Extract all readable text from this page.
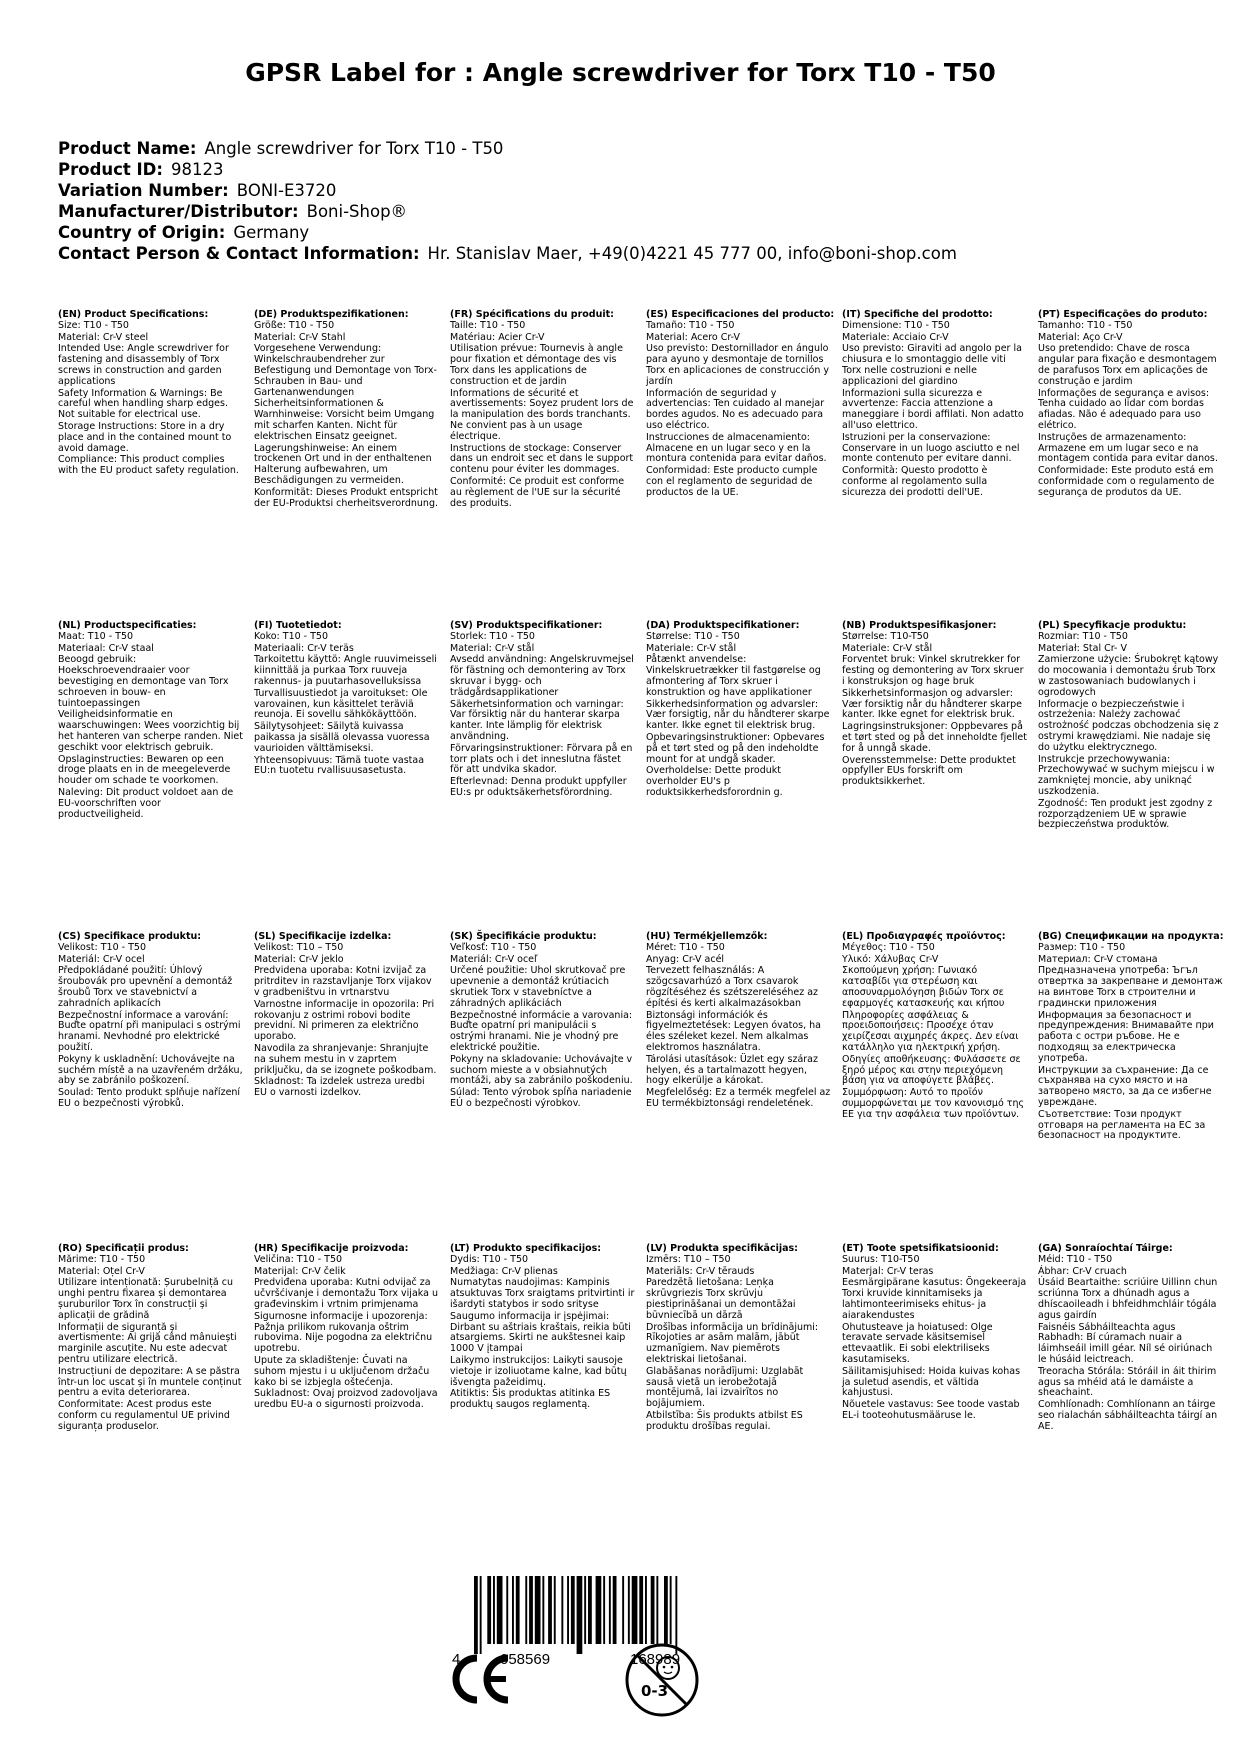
GPSR Label for : Angle screwdriver for Torx T10 - T50
Product Name: Angle screwdriver for Torx T10 - T50
Product ID: 98123
Variation Number: BONI-E3720
Manufacturer/Distributor: Boni-Shop®
Country of Origin: Germany
Contact Person & Contact Information: Hr. Stanislav Maer, +49(0)4221 45 777 00, info@boni-shop.com
(EN) Product Specifications:

Size: T10 - T50

Material: Cr-V steel

Intended Use: Angle screwdriver for fastening and disassembly of Torx screws in construction and garden applications

Safety Information & Warnings: Be careful when handling sharp edges. Not suitable for electrical use.

Storage Instructions: Store in a dry place and in the contained mount to avoid damage.

Compliance: This product complies with the EU product safety regulation.

(DE) Produktspezifikationen:

Größe: T10 - T50

Material: Cr-V Stahl

Vorgesehene Verwendung: Winkelschraubendreher zur Befestigung und Demontage von Torx-Schrauben in Bau- und Gartenanwendungen

Sicherheitsinformationen & Warnhinweise: Vorsicht beim Umgang mit scharfen Kanten. Nicht für elektrischen Einsatz geeignet.

Lagerungshinweise: An einem trockenen Ort und in der enthaltenen Halterung aufbewahren, um Beschädigungen zu vermeiden.

Konformität: Dieses Produkt entspricht der EU-Produktsi cherheitsverordnung.

(FR) Spécifications du produit:

Taille: T10 - T50

Matériau: Acier Cr-V

Utilisation prévue: Tournevis à angle pour fixation et démontage des vis Torx dans les applications de construction et de jardin

Informations de sécurité et avertissements: Soyez prudent lors de la manipulation des bords tranchants. Ne convient pas à un usage électrique.

Instructions de stockage: Conserver dans un endroit sec et dans le support contenu pour éviter les dommages.

Conformité: Ce produit est conforme au règlement de l'UE sur la sécurité des produits.

(ES) Especificaciones del producto:

Tamaño: T10 - T50

Material: Acero Cr-V

Uso previsto: Destornillador en ángulo para ayuno y desmontaje de tornillos Torx en aplicaciones de construcción y jardín

Información de seguridad y advertencias: Ten cuidado al manejar bordes agudos. No es adecuado para uso eléctrico.

Instrucciones de almacenamiento: Almacene en un lugar seco y en la montura contenida para evitar daños.

Conformidad: Este producto cumple con el reglamento de seguridad de productos de la UE.

(IT) Specifiche del prodotto:

Dimensione: T10 - T50

Materiale: Acciaio Cr-V

Uso previsto: Giraviti ad angolo per la chiusura e lo smontaggio delle viti Torx nelle costruzioni e nelle applicazioni del giardino

Informazioni sulla sicurezza e avvertenze: Faccia attenzione a maneggiare i bordi affilati. Non adatto all'uso elettrico.

Istruzioni per la conservazione: Conservare in un luogo asciutto e nel monte contenuto per evitare danni.

Conformità: Questo prodotto è conforme al regolamento sulla sicurezza dei prodotti dell'UE.

(PT) Especificações do produto:

Tamanho: T10 - T50

Material: Aço Cr-V

Uso pretendido: Chave de rosca angular para fixação e desmontagem de parafusos Torx em aplicações de construção e jardim

Informações de segurança e avisos: Tenha cuidado ao lidar com bordas afiadas. Não é adequado para uso elétrico.

Instruções de armazenamento: Armazene em um lugar seco e na montagem contida para evitar danos.

Conformidade: Este produto está em conformidade com o regulamento de segurança de produtos da UE.

(NL) Productspecificaties:

Maat: T10 - T50

Materiaal: Cr-V staal

Beoogd gebruik: Hoekschroevendraaier voor bevestiging en demontage van Torx schroeven in bouw- en tuintoepassingen

Veiligheidsinformatie en waarschuwingen: Wees voorzichtig bij het hanteren van scherpe randen. Niet geschikt voor elektrisch gebruik.

Opslaginstructies: Bewaren op een droge plaats en in de meegeleverde houder om schade te voorkomen.

Naleving: Dit product voldoet aan de EU-voorschriften voor productveiligheid.

(FI) Tuotetiedot:

Koko: T10 - T50

Materiaali: Cr-V teräs

Tarkoitettu käyttö: Angle ruuvimeisseli kiinnittää ja purkaa Torx ruuveja rakennus- ja puutarhasovelluksissa

Turvallisuustiedot ja varoitukset: Ole varovainen, kun käsittelet teräviä reunoja. Ei sovellu sähkökäyttöön.

Säilytysohjeet: Säilytä kuivassa paikassa ja sisällä olevassa vuoressa vaurioiden välttämiseksi.

Yhteensopivuus: Tämä tuote vastaa EU:n tuotetu rvallisuusasetusta.

(SV) Produktspecifikationer:

Storlek: T10 - T50

Material: Cr-V stål

Avsedd användning: Angelskruvmejsel för fästning och demontering av Torx skruvar i bygg- och trädgårdsapplikationer

Säkerhetsinformation och varningar: Var försiktig när du hanterar skarpa kanter. Inte lämplig för elektrisk användning.

Förvaringsinstruktioner: Förvara på en torr plats och i det inneslutna fästet för att undvika skador.

Efterlevnad: Denna produkt uppfyller EU:s pr oduktsäkerhetsförordning.

(DA) Produktspecifikationer:

Størrelse: T10 - T50

Materiale: Cr-V stål

Påtænkt anvendelse: Vinkelskruetrækker til fastgørelse og afmontering af Torx skruer i konstruktion og have applikationer

Sikkerhedsinformation og advarsler: Vær forsigtig, når du håndterer skarpe kanter. Ikke egnet til elektrisk brug.

Opbevaringsinstruktioner: Opbevares på et tørt sted og på den indeholdte mount for at undgå skader.

Overholdelse: Dette produkt overholder EU's p roduktsikkerhedsforordnin g.

(NB) Produktspesifikasjoner:

Størrelse: T10-T50

Materiale: Cr-V stål

Forventet bruk: Vinkel skrutrekker for festing og demontering av Torx skruer i konstruksjon og hage bruk

Sikkerhetsinformasjon og advarsler: Vær forsiktig når du håndterer skarpe kanter. Ikke egnet for elektrisk bruk.

Lagringsinstruksjoner: Oppbevares på et tørt sted og på det inneholdte fjellet for å unngå skade.

Overensstemmelse: Dette produktet oppfyller EUs forskrift om produktsikkerhet.

(PL) Specyfikacje produktu:

Rozmiar: T10 - T50

Materiał: Stal Cr- V

Zamierzone użycie: Śrubokręt kątowy do mocowania i demontażu śrub Torx w zastosowaniach budowlanych i ogrodowych

Informacje o bezpieczeństwie i ostrzeżenia: Należy zachować ostrożność podczas obchodzenia się z ostrymi krawędziami. Nie nadaje się do użytku elektrycznego.

Instrukcje przechowywania: Przechowywać w suchym miejscu i w zamkniętej moncie, aby uniknąć uszkodzenia.

Zgodność: Ten produkt jest zgodny z rozporządzeniem UE w sprawie bezpieczeństwa produktów.

(CS) Specifikace produktu:

Velikost: T10 - T50

Materiál: Cr-V ocel

Předpokládané použití: Úhlový šroubovák pro upevnění a demontáž šroubů Torx ve stavebnictví a zahradních aplikacích

Bezpečnostní informace a varování: Buďte opatrní při manipulaci s ostrými hranami. Nevhodné pro elektrické použití.

Pokyny k uskladnění: Uchovávejte na suchém místě a na uzavřeném držáku, aby se zabránilo poškození.

Soulad: Tento produkt splňuje nařízení EU o bezpečnosti výrobků.

(SL) Specifikacije izdelka:

Velikost: T10 – T50

Material: Cr-V jeklo

Predvidena uporaba: Kotni izvijač za pritrditev in razstavljanje Torx vijakov v gradbeništvu in vrtnarstvu

Varnostne informacije in opozorila: Pri rokovanju z ostrimi robovi bodite previdni. Ni primeren za električno uporabo.

Navodila za shranjevanje: Shranjujte na suhem mestu in v zaprtem priključku, da se izognete poškodbam.

Skladnost: Ta izdelek ustreza uredbi EU o varnosti izdelkov.

(SK) Špecifikácie produktu:

Veľkosť: T10 - T50

Materiál: Cr-V oceľ

Určené použitie: Uhol skrutkovač pre upevnenie a demontáž krútiacich skrutiek Torx v stavebníctve a záhradných aplikáciách

Bezpečnostné informácie a varovania: Buďte opatrní pri manipulácii s ostrými hranami. Nie je vhodný pre elektrické použitie.

Pokyny na skladovanie: Uchovávajte v suchom mieste a v obsiahnutých montáži, aby sa zabránilo poškodeniu.

Súlad: Tento výrobok spĺňa nariadenie EÚ o bezpečnosti výrobkov.

(HU) Termékjellemzők:

Méret: T10 - T50

Anyag: Cr-V acél

Tervezett felhasználás: A szögcsavarhúzó a Torx csavarok rögzítéséhez és szétszereléséhez az építési és kerti alkalmazásokban

Biztonsági információk és figyelmeztetések: Legyen óvatos, ha éles széleket kezel. Nem alkalmas elektromos használatra.

Tárolási utasítások: Üzlet egy száraz helyen, és a tartalmazott hegyen, hogy elkerülje a károkat.

Megfelelőség: Ez a termék megfelel az EU termékbiztonsági rendeletének.

(EL) Προδιαγραφές προϊόντος:

Μέγεθος: T10 - T50

Υλικό: Χάλυβας Cr-V

Σκοπούμενη χρήση: Γωνιακό κατσαβίδι για στερέωση και αποσυναρμολόγηση βιδών Torx σε εφαρμογές κατασκευής και κήπου

Πληροφορίες ασφάλειας & προειδοποιήσεις: Προσέχε όταν χειρίζεσαι αιχμηρές άκρες. Δεν είναι κατάλληλο για ηλεκτρική χρήση.

Οδηγίες αποθήκευσης: Φυλάσσετε σε ξηρό μέρος και στην περιεχόμενη βάση για να αποφύγετε βλάβες.

Συμμόρφωση: Αυτό το προϊόν συμμορφώνεται με τον κανονισμό της ΕΕ για την ασφάλεια των προϊόντων.

(BG) Спецификации на продукта:

Размер: T10 - T50

Материал: Cr-V стомана

Предназначена употреба: Ъгъл отвертка за закрепване и демонтаж на винтове Torx в строителни и градински приложения

Информация за безопасност и предупреждения: Внимавайте при работа с остри ръбове. Не е подходящ за електрическа употреба.

Инструкции за съхранение: Да се съхранява на сухо място и на затворено място, за да се избегне увреждане.

Съответствие: Този продукт отговаря на регламента на ЕС за безопасност на продуктите.

(RO) Specificații produs:

Mărime: T10 - T50

Material: Oțel Cr-V

Utilizare intenționată: Șurubelniță cu unghi pentru fixarea și demontarea șuruburilor Torx în construcții și aplicații de grădină

Informații de siguranță și avertismente: Ai grijă când mânuiești marginile ascuțite. Nu este adecvat pentru utilizare electrică.

Instrucțiuni de depozitare: A se păstra într-un loc uscat și în muntele conținut pentru a evita deteriorarea.

Conformitate: Acest produs este conform cu regulamentul UE privind siguranța produselor.

(HR) Specifikacije proizvoda:

Veličina: T10 - T50

Materijal: Cr-V čelik

Predviđena uporaba: Kutni odvijač za učvršćivanje i demontažu Torx vijaka u građevinskim i vrtnim primjenama

Sigurnosne informacije i upozorenja: Pažnja prilikom rukovanja oštrim rubovima. Nije pogodna za električnu upotrebu.

Upute za skladištenje: Čuvati na suhom mjestu i u uključenom držaču kako bi se izbjegla oštećenja.

Sukladnost: Ovaj proizvod zadovoljava uredbu EU-a o sigurnosti proizvoda.

(LT) Produkto specifikacijos:

Dydis: T10 - T50

Medžiaga: Cr-V plienas

Numatytas naudojimas: Kampinis atsuktuvas Torx sraigtams pritvirtinti ir išardyti statybos ir sodo srityse

Saugumo informacija ir įspėjimai: Dirbant su aštriais kraštais, reikia būti atsargiems. Skirti ne aukštesnei kaip 1000 V įtampai

Laikymo instrukcijos: Laikyti sausoje vietoje ir izoliuotame kalne, kad būtų išvengta pažeidimų.

Atitiktis: Šis produktas atitinka ES produktų saugos reglamentą.

(LV) Produkta specifikācijas:

Izmērs: T10 – T50

Materiāls: Cr-V tērauds

Paredzētā lietošana: Leņķa skrūvgriezis Torx skrūvju piestiprināšanai un demontāžai būvniecībā un dārzā

Drošības informācija un brīdinājumi: Rīkojoties ar asām malām, jābūt uzmanīgiem. Nav piemērots elektriskai lietošanai.

Glabāšanas norādījumi: Uzglabāt sausā vietā un ierobežotajā montējumā, lai izvairītos no bojājumiem.

Atbilstība: Šis produkts atbilst ES produktu drošības regulai.

(ET) Toote spetsifikatsioonid:

Suurus: T10-T50

Materjal: Cr-V teras

Eesmärgipärane kasutus: Õngekeeraja Torxi kruvide kinnitamiseks ja lahtimonteerimiseks ehitus- ja aiarakendustes

Ohutusteave ja hoiatused: Olge teravate servade käsitsemisel ettevaatlik. Ei sobi elektriliseks kasutamiseks.

Säilitamisjuhised: Hoida kuivas kohas ja suletud asendis, et vältida kahjustusi.

Nõuetele vastavus: See toode vastab EL-i tooteohutusmääruse le.

(GA) Sonraíochtaí Táirge:

Méid: T10 - T50

Ábhar: Cr-V cruach

Úsáid Beartaithe: scriúire Uillinn chun scriúnna Torx a dhúnadh agus a dhíscaoileadh i bhfeidhmchláir tógála agus gairdín

Faisnéis Sábháilteachta agus Rabhadh: Bí cúramach nuair a láimhseáil imill géar. Níl sé oiriúnach le húsáid leictreach.

Treoracha Stórála: Stóráil in áit thirim agus sa mhéid atá le damáiste a sheachaint.

Comhlíonadh: Comhlíonann an táirge seo rialachán sábháilteachta táirgí an AE.

4	058569	168989
0-3
